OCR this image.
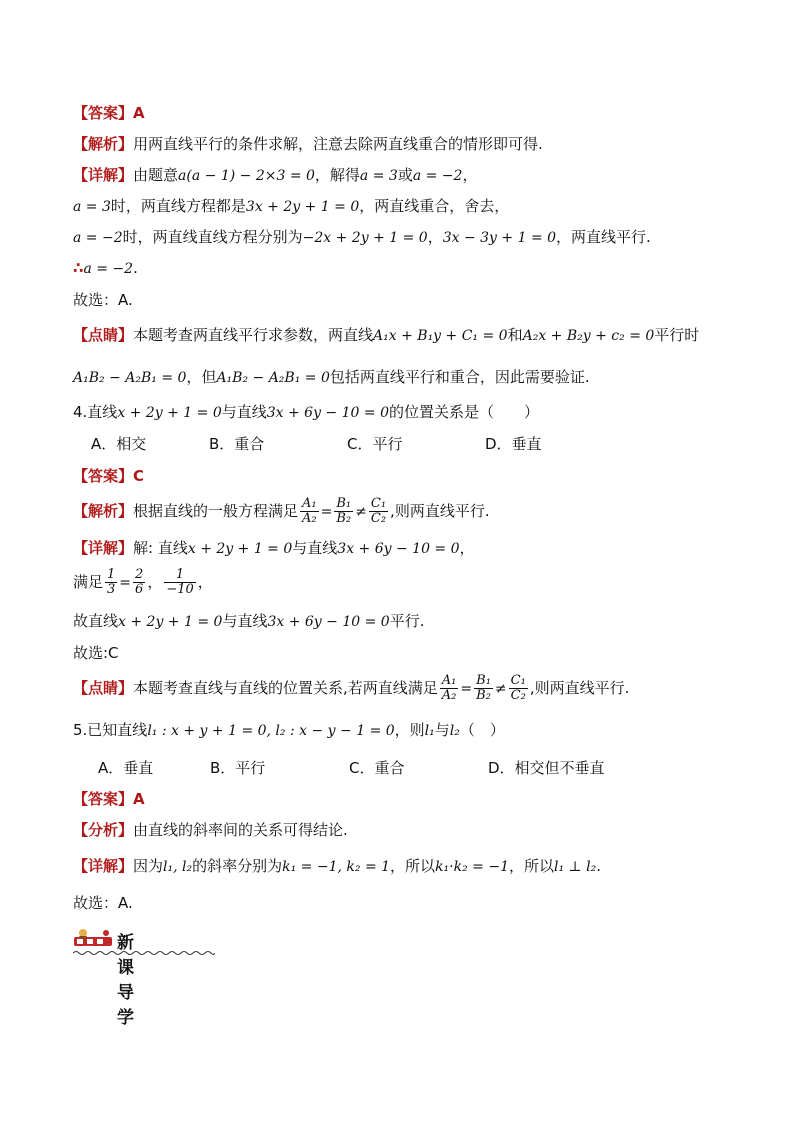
【答案】A
【解析】用两直线平行的条件求解，注意去除两直线重合的情形即可得.
【详解】由题意a(a − 1) − 2×3 = 0，解得a = 3或a = −2，
a = 3时，两直线方程都是3x + 2y + 1 = 0，两直线重合，舍去，
a = −2时，两直线直线方程分别为−2x + 2y + 1 = 0，3x − 3y + 1 = 0，两直线平行.
∴a = −2.
故选：A.
【点睛】本题考查两直线平行求参数，两直线A₁x + B₁y + C₁ = 0和A₂x + B₂y + c₂ = 0平行时
A₁B₂ − A₂B₁ = 0，但A₁B₂ − A₂B₁ = 0包括两直线平行和重合，因此需要验证.
4.直线x + 2y + 1 = 0与直线3x + 6y − 10 = 0的位置关系是（　　）
A．相交	B．重合	C．平行	D．垂直
【答案】C
【解析】根据直线的一般方程满足 $\frac{\text{A₁}}{\text{A₂}} = \frac{\text{B₁}}{\text{B₂}} \ne \frac{\text{C₁}}{\text{C₂}}$ ,则两直线平行.
【详解】解: 直线x + 2y + 1 = 0与直线3x + 6y − 10 = 0，
满足 $\frac{1}{3} = \frac{2}{6}$ ， $\frac{1}{-10}$ ，
故直线x + 2y + 1 = 0与直线3x + 6y − 10 = 0平行.
故选:C
【点睛】本题考查直线与直线的位置关系,若两直线满足 $\frac{\text{A₁}}{\text{A₂}} = \frac{\text{B₁}}{\text{B₂}} \ne \frac{\text{C₁}}{\text{C₂}}$ ,则两直线平行.
5.已知直线l₁ : x + y + 1 = 0, l₂ : x − y − 1 = 0，则l₁与l₂（　）
A．垂直	B．平行	C．重合	D．相交但不垂直
【答案】A
【分析】由直线的斜率间的关系可得结论.
【详解】因为l₁, l₂的斜率分别为k₁ = −1, k₂ = 1，所以k₁·k₂ = −1，所以l₁ ⊥ l₂.
故选：A.
新课导学
